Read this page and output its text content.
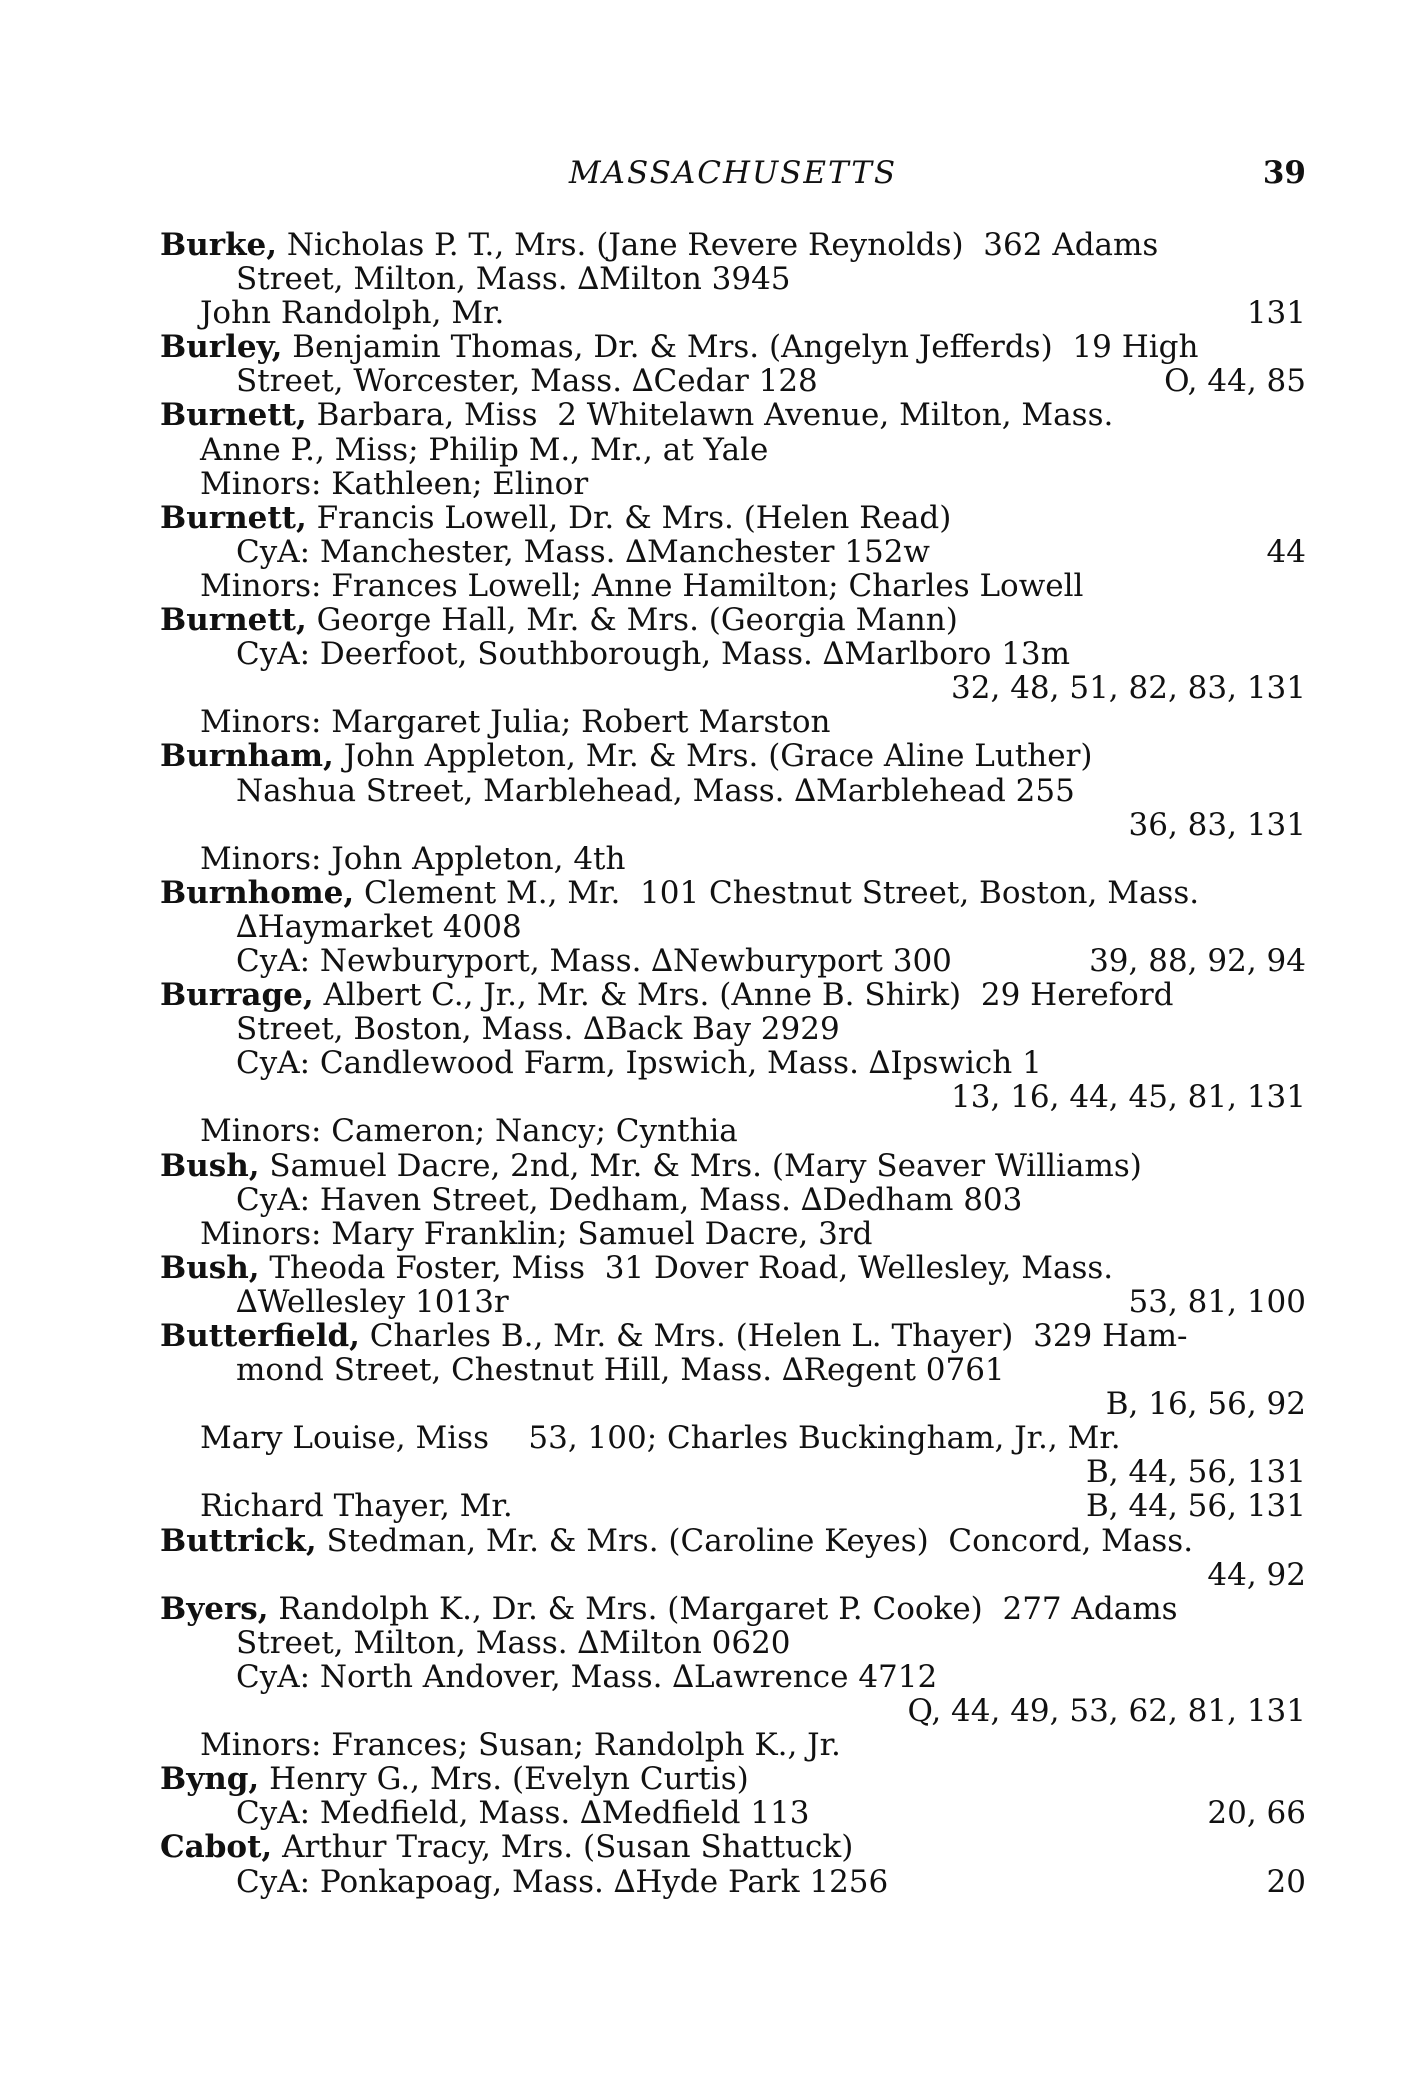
MASSACHUSETTS	39
Burke, Nicholas P. T., Mrs. (Jane Revere Reynolds)  362 Adams
Street, Milton, Mass. ∆Milton 3945
John Randolph, Mr.	131
Burley, Benjamin Thomas, Dr. & Mrs. (Angelyn Jefferds)  19 High
Street, Worcester, Mass. ∆Cedar 128	O, 44, 85
Burnett, Barbara, Miss  2 Whitelawn Avenue, Milton, Mass.
Anne P., Miss; Philip M., Mr., at Yale
Minors: Kathleen; Elinor
Burnett, Francis Lowell, Dr. & Mrs. (Helen Read)
CyA: Manchester, Mass. ∆Manchester 152w	44
Minors: Frances Lowell; Anne Hamilton; Charles Lowell
Burnett, George Hall, Mr. & Mrs. (Georgia Mann)
CyA: Deerfoot, Southborough, Mass. ∆Marlboro 13m
32, 48, 51, 82, 83, 131
Minors: Margaret Julia; Robert Marston
Burnham, John Appleton, Mr. & Mrs. (Grace Aline Luther)
Nashua Street, Marblehead, Mass. ∆Marblehead 255
36, 83, 131
Minors: John Appleton, 4th
Burnhome, Clement M., Mr.  101 Chestnut Street, Boston, Mass.
∆Haymarket 4008
CyA: Newburyport, Mass. ∆Newburyport 300	39, 88, 92, 94
Burrage, Albert C., Jr., Mr. & Mrs. (Anne B. Shirk)  29 Hereford
Street, Boston, Mass. ∆Back Bay 2929
CyA: Candlewood Farm, Ipswich, Mass. ∆Ipswich 1
13, 16, 44, 45, 81, 131
Minors: Cameron; Nancy; Cynthia
Bush, Samuel Dacre, 2nd, Mr. & Mrs. (Mary Seaver Williams)
CyA: Haven Street, Dedham, Mass. ∆Dedham 803
Minors: Mary Franklin; Samuel Dacre, 3rd
Bush, Theoda Foster, Miss  31 Dover Road, Wellesley, Mass.
∆Wellesley 1013r	53, 81, 100
Butterfield, Charles B., Mr. & Mrs. (Helen L. Thayer)  329 Ham-
mond Street, Chestnut Hill, Mass. ∆Regent 0761
B, 16, 56, 92
Mary Louise, Miss    53, 100; Charles Buckingham, Jr., Mr.
B, 44, 56, 131
Richard Thayer, Mr.	B, 44, 56, 131
Buttrick, Stedman, Mr. & Mrs. (Caroline Keyes)  Concord, Mass.
44, 92
Byers, Randolph K., Dr. & Mrs. (Margaret P. Cooke)  277 Adams
Street, Milton, Mass. ∆Milton 0620
CyA: North Andover, Mass. ∆Lawrence 4712
Q, 44, 49, 53, 62, 81, 131
Minors: Frances; Susan; Randolph K., Jr.
Byng, Henry G., Mrs. (Evelyn Curtis)
CyA: Medfield, Mass. ∆Medfield 113	20, 66
Cabot, Arthur Tracy, Mrs. (Susan Shattuck)
CyA: Ponkapoag, Mass. ∆Hyde Park 1256	20
